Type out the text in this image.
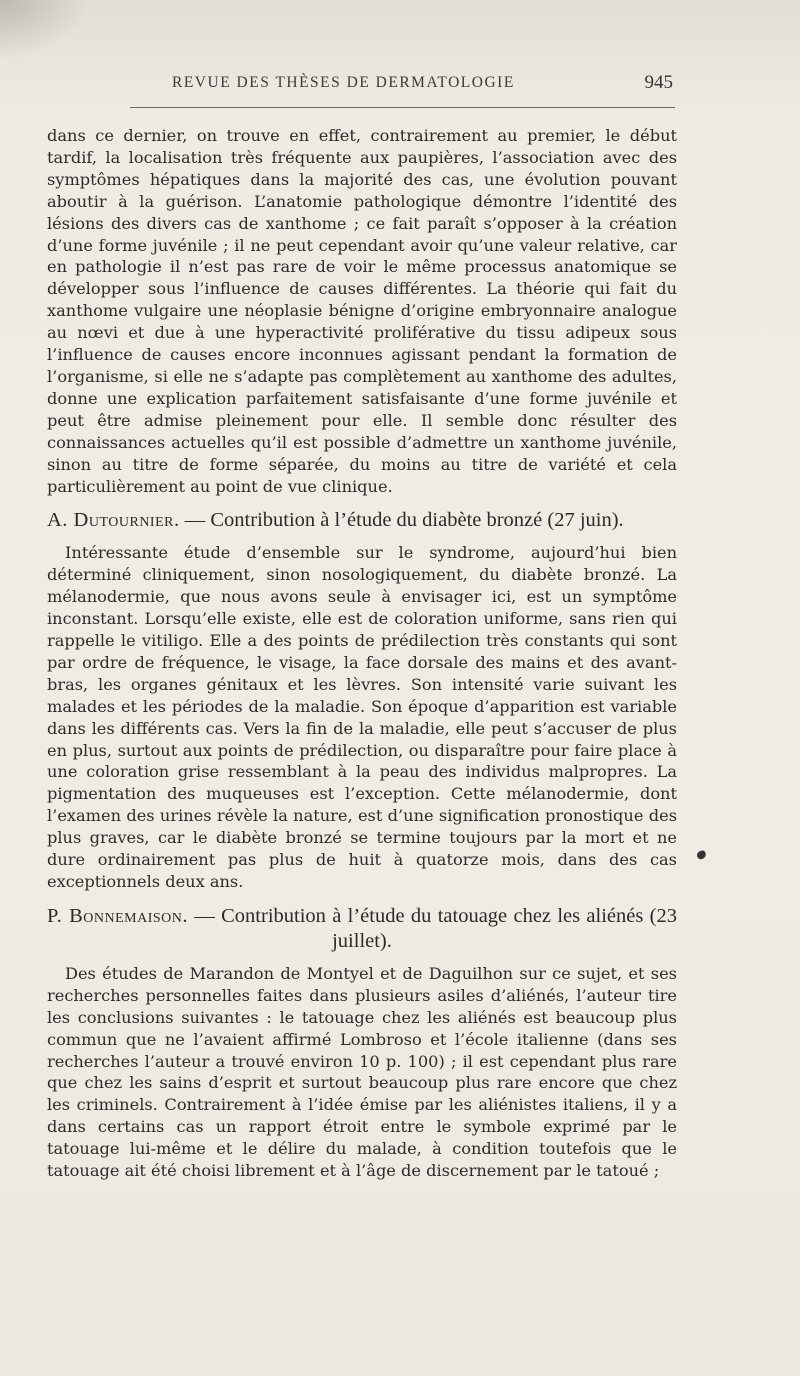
REVUE DES THÈSES DE DERMATOLOGIE	945

dans ce dernier, on trouve en effet, contrairement au premier, le début tardif, la localisation très fréquente aux paupières, l’association avec des symptômes hépatiques dans la majorité des cas, une évolution pouvant aboutir à la guérison. L’anatomie pathologique démontre l’identité des lésions des divers cas de xanthome ; ce fait paraît s’opposer à la création d’une forme juvénile ; il ne peut cependant avoir qu’une valeur relative, car en pathologie il n’est pas rare de voir le même processus anatomique se développer sous l’influence de causes différentes. La théorie qui fait du xanthome vulgaire une néoplasie bénigne d’origine embryonnaire analogue au nœvi et due à une hyperactivité proliférative du tissu adipeux sous l’influence de causes encore inconnues agissant pendant la formation de l’organisme, si elle ne s’adapte pas complètement au xanthome des adultes, donne une explication parfaitement satisfaisante d’une forme juvénile et peut être admise pleinement pour elle. Il semble donc résulter des connaissances actuelles qu’il est possible d’admettre un xanthome juvénile, sinon au titre de forme séparée, du moins au titre de variété et cela particulièrement au point de vue clinique.

A. Dutournier. — Contribution à l’étude du diabète bronzé (27 juin).

Intéressante étude d’ensemble sur le syndrome, aujourd’hui bien déterminé cliniquement, sinon nosologiquement, du diabète bronzé. La mélanodermie, que nous avons seule à envisager ici, est un symptôme inconstant. Lorsqu’elle existe, elle est de coloration uniforme, sans rien qui rappelle le vitiligo. Elle a des points de prédilection très constants qui sont par ordre de fréquence, le visage, la face dorsale des mains et des avant-bras, les organes génitaux et les lèvres. Son intensité varie suivant les malades et les périodes de la maladie. Son époque d’apparition est variable dans les différents cas. Vers la fin de la maladie, elle peut s’accuser de plus en plus, surtout aux points de prédilection, ou disparaître pour faire place à une coloration grise ressemblant à la peau des individus malpropres. La pigmentation des muqueuses est l’exception. Cette mélanodermie, dont l’examen des urines révèle la nature, est d’une signification pronostique des plus graves, car le diabète bronzé se termine toujours par la mort et ne dure ordinairement pas plus de huit à quatorze mois, dans des cas exceptionnels deux ans.

P. Bonnemaison. — Contribution à l’étude du tatouage chez les aliénés (23 juillet).

Des études de Marandon de Montyel et de Daguilhon sur ce sujet, et ses recherches personnelles faites dans plusieurs asiles d’aliénés, l’auteur tire les conclusions suivantes : le tatouage chez les aliénés est beaucoup plus commun que ne l’avaient affirmé Lombroso et l’école italienne (dans ses recherches l’auteur a trouvé environ 10 p. 100) ; il est cependant plus rare que chez les sains d’esprit et surtout beaucoup plus rare encore que chez les criminels. Contrairement à l’idée émise par les aliénistes italiens, il y a dans certains cas un rapport étroit entre le symbole exprimé par le tatouage lui-même et le délire du malade, à condition toutefois que le tatouage ait été choisi librement et à l’âge de discernement par le tatoué ;
